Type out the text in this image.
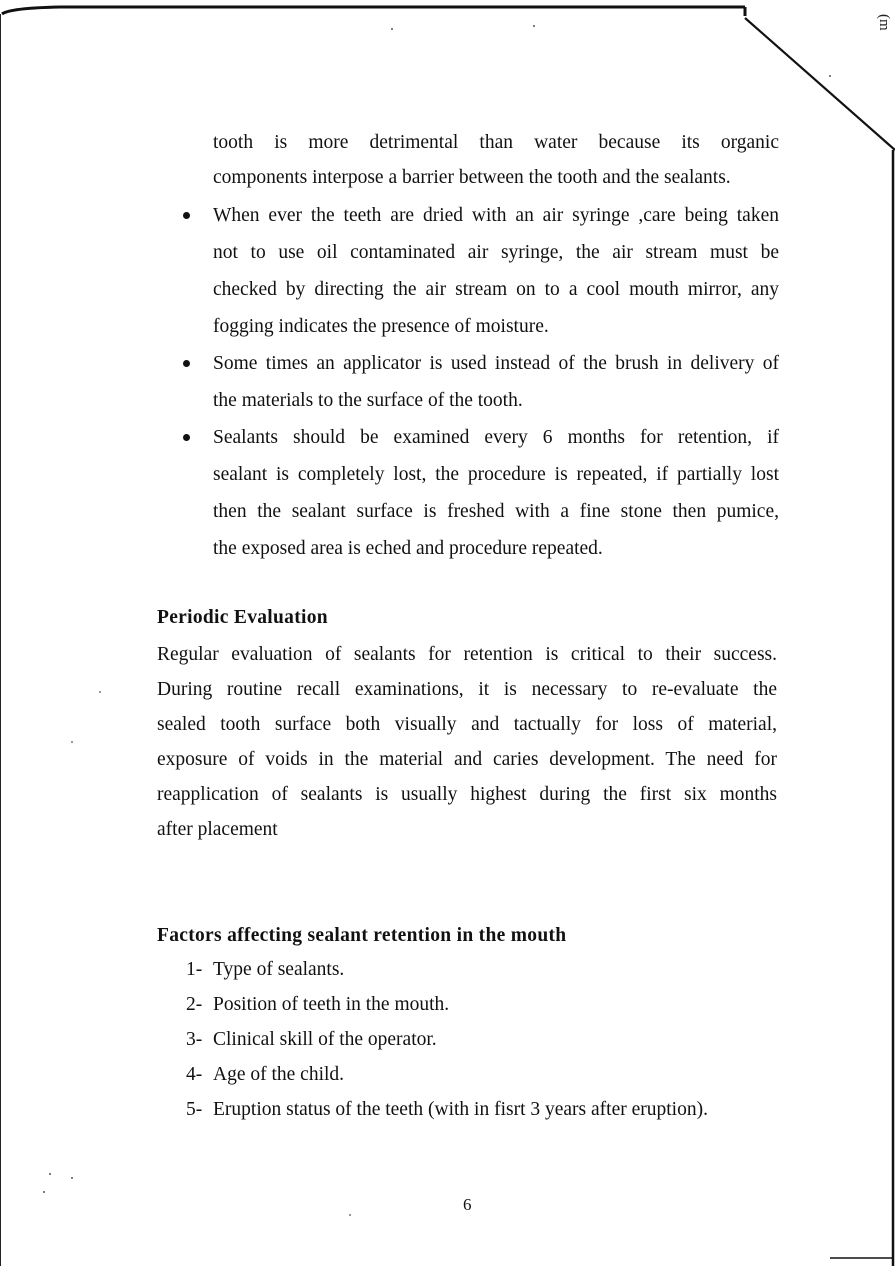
(m
tooth is more detrimental than water because its organic
components interpose a barrier between the tooth and the sealants.
When ever the teeth are dried with an air syringe ,care being taken
not to use oil contaminated air syringe, the air stream must be
checked by directing the air stream on to a cool mouth mirror, any
fogging indicates the presence of moisture.
Some times an applicator is used instead of the brush in delivery of
the materials to the surface of the tooth.
Sealants should be examined every 6 months for retention, if
sealant is completely lost, the procedure is repeated, if partially lost
then the sealant surface is freshed with a fine stone then pumice,
the exposed area is eched and procedure repeated.
Periodic Evaluation
Regular evaluation of sealants for retention is critical to their success.
During routine recall examinations, it is necessary to re-evaluate the
sealed tooth surface both visually and tactually for loss of material,
exposure of voids in the material and caries development. The need for
reapplication of sealants is usually highest during the first six months
after placement
Factors affecting sealant retention in the mouth
1- Type of sealants.
2- Position of teeth in the mouth.
3- Clinical skill of the operator.
4- Age of the child.
5- Eruption status of the teeth (with in fisrt 3 years after eruption).
6
